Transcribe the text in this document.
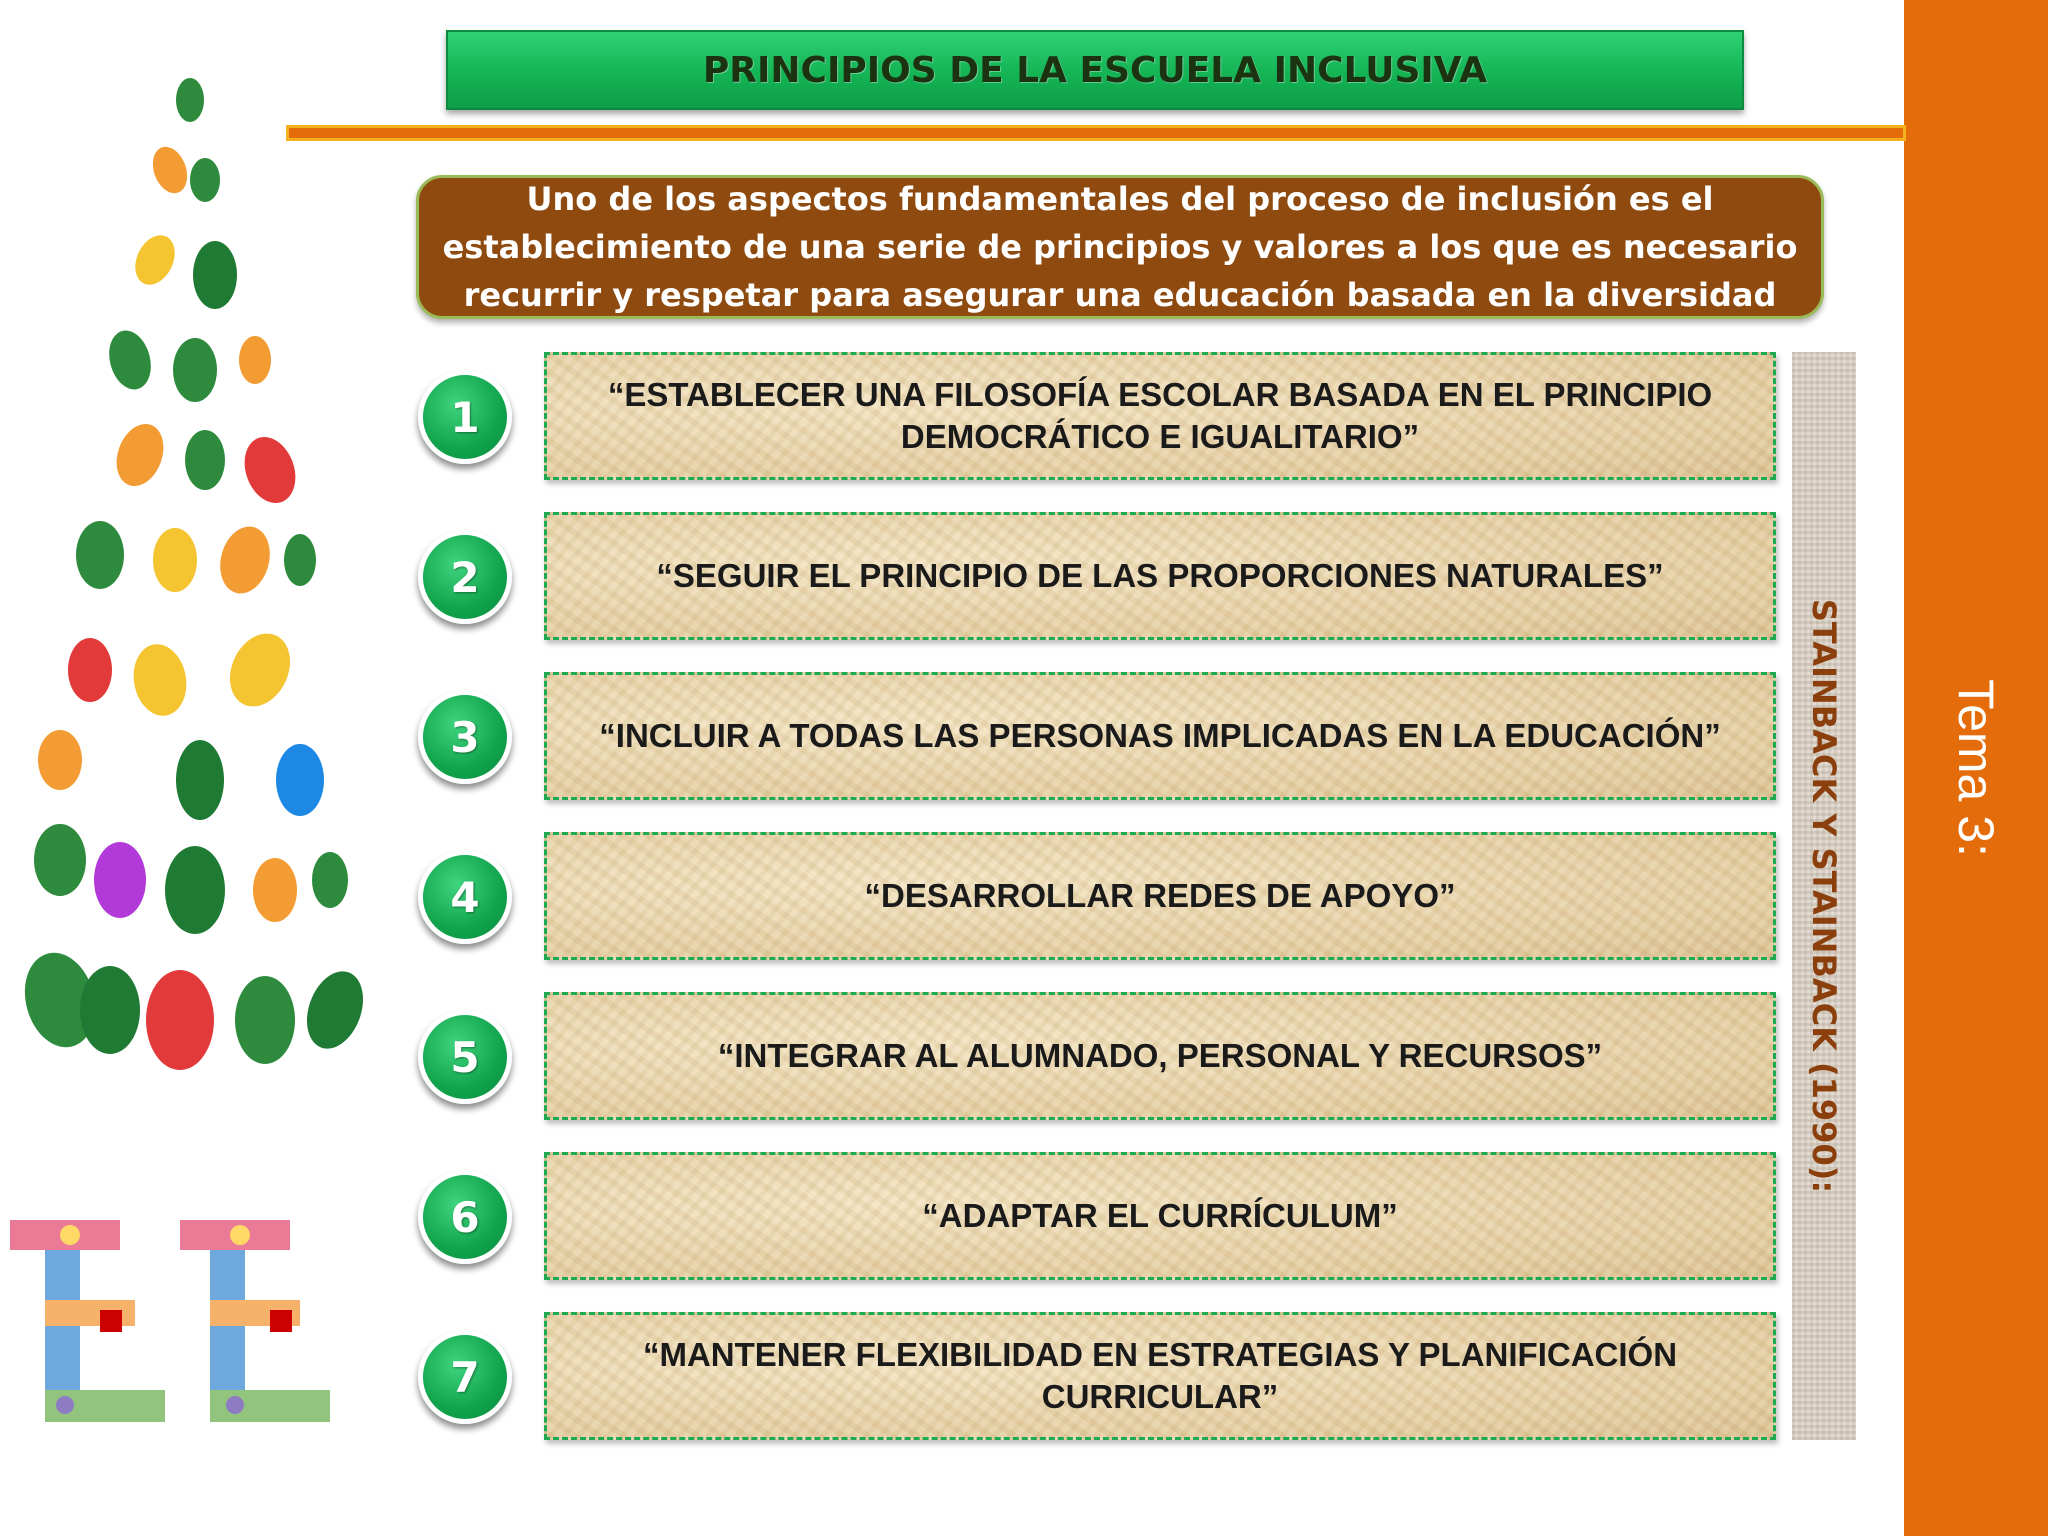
Tema 3:
PRINCIPIOS DE LA ESCUELA INCLUSIVA
Uno de los aspectos fundamentales del proceso de inclusión es el establecimiento de una serie de principios y valores a los que es necesario recurrir y respetar para asegurar una educación basada en la diversidad
1	“ESTABLECER UNA FILOSOFÍA ESCOLAR BASADA EN EL PRINCIPIO DEMOCRÁTICO E IGUALITARIO”
2	“SEGUIR EL PRINCIPIO DE LAS PROPORCIONES NATURALES”
3	“INCLUIR A TODAS LAS PERSONAS IMPLICADAS EN LA EDUCACIÓN”
4	“DESARROLLAR REDES DE APOYO”
5	“INTEGRAR AL ALUMNADO, PERSONAL Y RECURSOS”
6	“ADAPTAR EL CURRÍCULUM”
7	“MANTENER FLEXIBILIDAD EN ESTRATEGIAS Y PLANIFICACIÓN CURRICULAR”
STAINBACK Y STAINBACK (1990):
